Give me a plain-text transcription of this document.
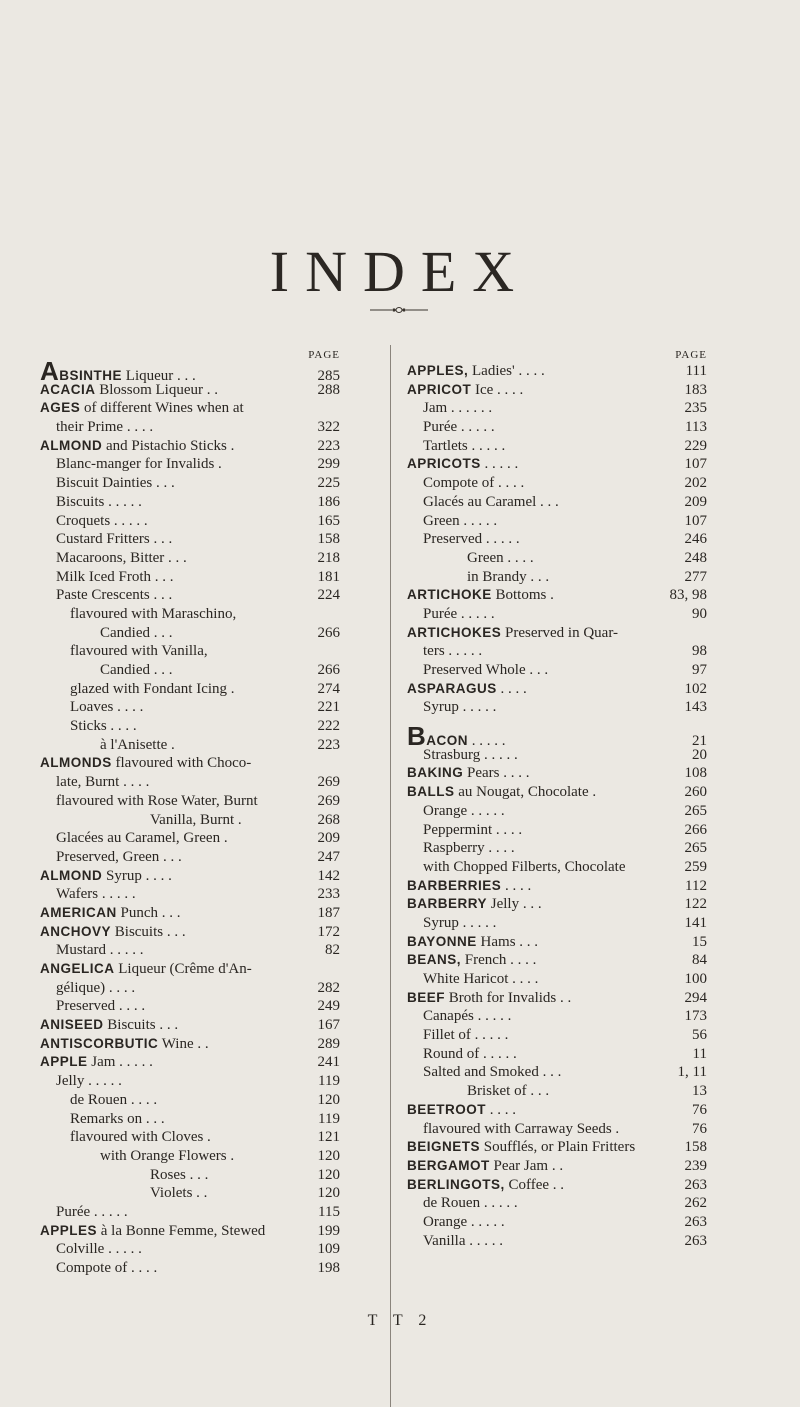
INDEX
PAGE
ABSINTHE Liqueur . . .	285
ACACIA Blossom Liqueur . .	288
AGES of different Wines when at
their Prime . . . .	322
ALMOND and Pistachio Sticks .	223
Blanc-manger for Invalids .	299
Biscuit Dainties . . .	225
Biscuits . . . . .	186
Croquets . . . . .	165
Custard Fritters . . .	158
Macaroons, Bitter . . .	218
Milk Iced Froth . . .	181
Paste Crescents . . .	224
flavoured with Maraschino,
Candied . . .	266
flavoured with Vanilla,
Candied . . .	266
glazed with Fondant Icing .	274
Loaves . . . .	221
Sticks . . . .	222
à l'Anisette .	223
ALMONDS flavoured with Choco-
late, Burnt . . . .	269
flavoured with Rose Water, Burnt	269
Vanilla, Burnt .	268
Glacées au Caramel, Green .	209
Preserved, Green . . .	247
ALMOND Syrup . . . .	142
Wafers . . . . .	233
AMERICAN Punch . . .	187
ANCHOVY Biscuits . . .	172
Mustard . . . . .	82
ANGELICA Liqueur (Crême d'An-
gélique) . . . .	282
Preserved . . . .	249
ANISEED Biscuits . . .	167
ANTISCORBUTIC Wine . .	289
APPLE Jam . . . . .	241
Jelly . . . . .	119
de Rouen . . . .	120
Remarks on . . .	119
flavoured with Cloves .	121
with Orange Flowers .	120
Roses . . .	120
Violets . .	120
Purée . . . . .	115
APPLES à la Bonne Femme, Stewed	199
Colville . . . . .	109
Compote of . . . .	198
PAGE
APPLES, Ladies' . . . .	111
APRICOT Ice . . . .	183
Jam . . . . . .	235
Purée . . . . .	113
Tartlets . . . . .	229
APRICOTS . . . . .	107
Compote of . . . .	202
Glacés au Caramel . . .	209
Green . . . . .	107
Preserved . . . . .	246
Green . . . .	248
in Brandy . . .	277
ARTICHOKE Bottoms .	83, 98
Purée . . . . .	90
ARTICHOKES Preserved in Quar-
ters . . . . .	98
Preserved Whole . . .	97
ASPARAGUS . . . .	102
Syrup . . . . .	143
BACON . . . . .	21
Strasburg . . . . .	20
BAKING Pears . . . .	108
BALLS au Nougat, Chocolate .	260
Orange . . . . .	265
Peppermint . . . .	266
Raspberry . . . .	265
with Chopped Filberts, Chocolate	259
BARBERRIES . . . .	112
BARBERRY Jelly . . .	122
Syrup . . . . .	141
BAYONNE Hams . . .	15
BEANS, French . . . .	84
White Haricot . . . .	100
BEEF Broth for Invalids . .	294
Canapés . . . . .	173
Fillet of . . . . .	56
Round of . . . . .	11
Salted and Smoked . . .	1, 11
Brisket of . . .	13
BEETROOT . . . .	76
flavoured with Carraway Seeds .	76
BEIGNETS Soufflés, or Plain Fritters	158
BERGAMOT Pear Jam . .	239
BERLINGOTS, Coffee . .	263
de Rouen . . . . .	262
Orange . . . . .	263
Vanilla . . . . .	263
T T 2
